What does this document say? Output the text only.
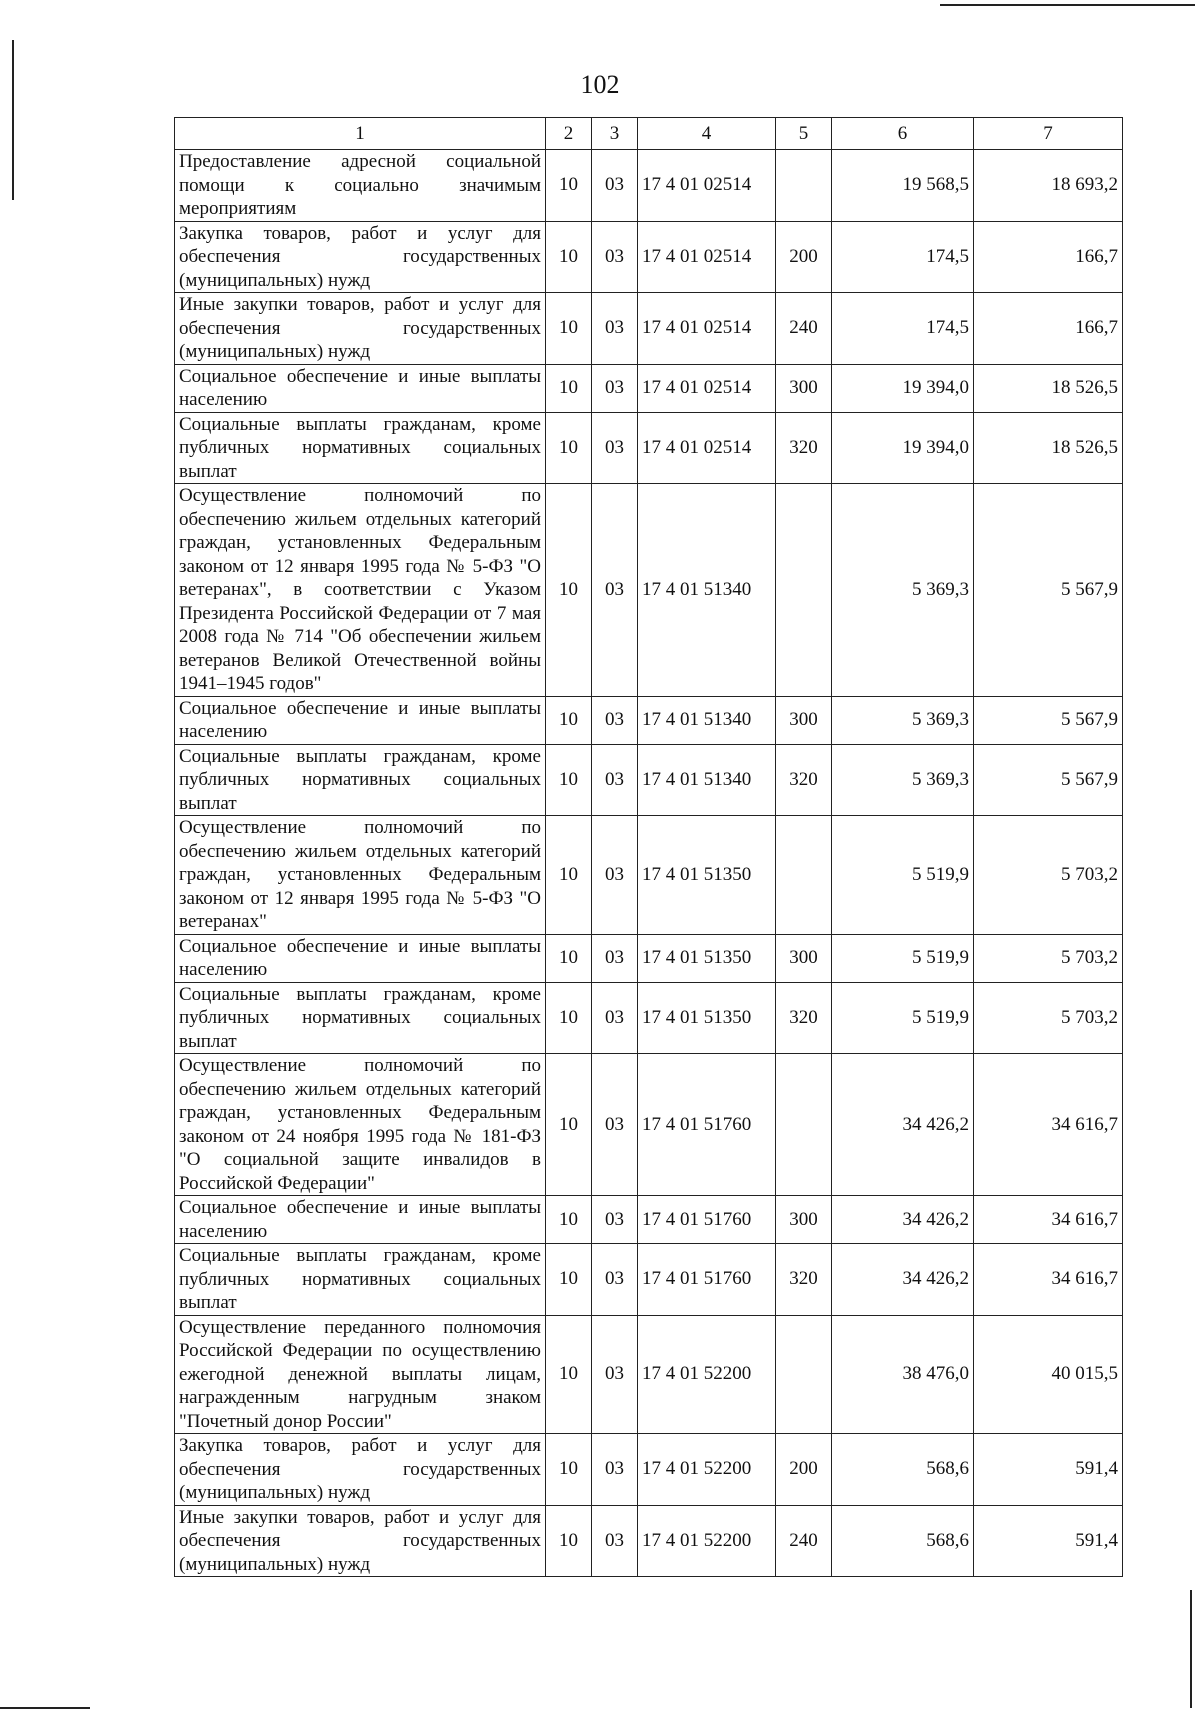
102
1	2	3	4	5	6	7
Предоставление адресной социальной помощи к социально значимым мероприятиям	10	03	17 4 01 02514		19 568,5	18 693,2
Закупка товаров, работ и услуг для обеспечения государственных (муниципальных) нужд	10	03	17 4 01 02514	200	174,5	166,7
Иные закупки товаров, работ и услуг для обеспечения государственных (муниципальных) нужд	10	03	17 4 01 02514	240	174,5	166,7
Социальное обеспечение и иные выплаты населению	10	03	17 4 01 02514	300	19 394,0	18 526,5
Социальные выплаты гражданам, кроме публичных нормативных социальных выплат	10	03	17 4 01 02514	320	19 394,0	18 526,5
Осуществление полномочий по обеспечению жильем отдельных категорий граждан, установленных Федеральным законом от 12 января 1995 года № 5-ФЗ "О ветеранах", в соответствии с Указом Президента Российской Федерации от 7 мая 2008 года № 714 "Об обеспечении жильем ветеранов Великой Отечественной войны 1941–1945 годов"	10	03	17 4 01 51340		5 369,3	5 567,9
Социальное обеспечение и иные выплаты населению	10	03	17 4 01 51340	300	5 369,3	5 567,9
Социальные выплаты гражданам, кроме публичных нормативных социальных выплат	10	03	17 4 01 51340	320	5 369,3	5 567,9
Осуществление полномочий по обеспечению жильем отдельных категорий граждан, установленных Федеральным законом от 12 января 1995 года № 5-ФЗ "О ветеранах"	10	03	17 4 01 51350		5 519,9	5 703,2
Социальное обеспечение и иные выплаты населению	10	03	17 4 01 51350	300	5 519,9	5 703,2
Социальные выплаты гражданам, кроме публичных нормативных социальных выплат	10	03	17 4 01 51350	320	5 519,9	5 703,2
Осуществление полномочий по обеспечению жильем отдельных категорий граждан, установленных Федеральным законом от 24 ноября 1995 года № 181-ФЗ "О социальной защите инвалидов в Российской Федерации"	10	03	17 4 01 51760		34 426,2	34 616,7
Социальное обеспечение и иные выплаты населению	10	03	17 4 01 51760	300	34 426,2	34 616,7
Социальные выплаты гражданам, кроме публичных нормативных социальных выплат	10	03	17 4 01 51760	320	34 426,2	34 616,7
Осуществление переданного полномочия Российской Федерации по осуществлению ежегодной денежной выплаты лицам, награжденным нагрудным знаком "Почетный донор России"	10	03	17 4 01 52200		38 476,0	40 015,5
Закупка товаров, работ и услуг для обеспечения государственных (муниципальных) нужд	10	03	17 4 01 52200	200	568,6	591,4
Иные закупки товаров, работ и услуг для обеспечения государственных (муниципальных) нужд	10	03	17 4 01 52200	240	568,6	591,4
